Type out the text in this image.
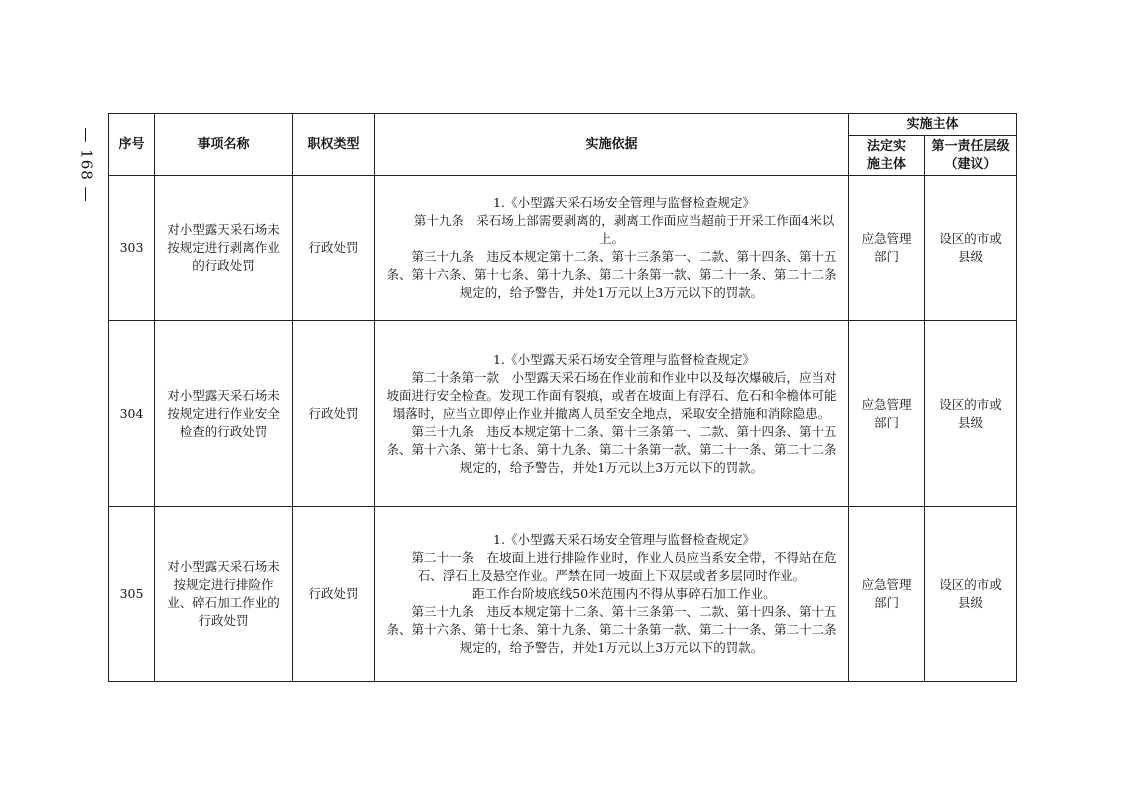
— 168 — 序号	事项名称	职权类型	实施依据	实施主体	

				法定实施主体	第一责任层级（建议）

303	对小型露天采石场未按规定进行剥离作业的行政处罚	行政处罚	1.《小型露天采石场安全管理与监督检查规定》

第十九条　采石场上部需要剥离的，剥离工作面应当超前于开采工作面4米以上。

第三十九条　违反本规定第十二条、第十三条第一、二款、第十四条、第十五条、第十六条、第十七条、第十九条、第二十条第一款、第二十一条、第二十二条规定的，给予警告，并处1万元以上3万元以下的罚款。	应急管理部门	设区的市或县级

304	对小型露天采石场未按规定进行作业安全检查的行政处罚	行政处罚	1.《小型露天采石场安全管理与监督检查规定》

第二十条第一款　小型露天采石场在作业前和作业中以及每次爆破后，应当对坡面进行安全检查。发现工作面有裂痕，或者在坡面上有浮石、危石和伞檐体可能塌落时，应当立即停止作业并撤离人员至安全地点，采取安全措施和消除隐患。

第三十九条　违反本规定第十二条、第十三条第一、二款、第十四条、第十五条、第十六条、第十七条、第十九条、第二十条第一款、第二十一条、第二十二条规定的，给予警告，并处1万元以上3万元以下的罚款。	应急管理部门	设区的市或县级

305	对小型露天采石场未按规定进行排险作业、碎石加工作业的行政处罚	行政处罚	1.《小型露天采石场安全管理与监督检查规定》

第二十一条　在坡面上进行排险作业时，作业人员应当系安全带，不得站在危石、浮石上及悬空作业。严禁在同一坡面上下双层或者多层同时作业。

距工作台阶坡底线50米范围内不得从事碎石加工作业。

第三十九条　违反本规定第十二条、第十三条第一、二款、第十四条、第十五条、第十六条、第十七条、第十九条、第二十条第一款、第二十一条、第二十二条规定的，给予警告，并处1万元以上3万元以下的罚款。	应急管理部门	设区的市或县级
